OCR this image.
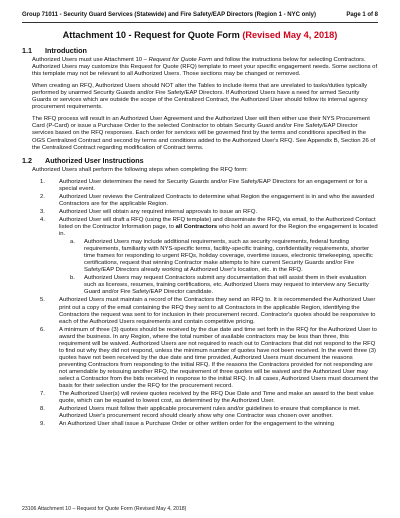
Group 71011 - Security Guard Services (Statewide) and Fire Safety/EAP Directors (Region 1 - NYC only)	Page 1 of 8
Attachment 10 - Request for Quote Form (Revised May 4, 2018)
1.1	Introduction

Authorized Users must use Attachment 10 – Request for Quote Form and follow the instructions below for selecting Contractors. Authorized Users may customize this Request for Quote (RFQ) template to meet your specific engagement needs. Some sections of this template may not be relevant to all Authorized Users. Those sections may be changed or removed.

When creating an RFQ, Authorized Users should NOT alter the Tables to include items that are unrelated to tasks/duties typically performed by unarmed Security Guards and/or Fire Safety/EAP Directors. If Authorized Users have a need for armed Security Guards or services which are outside the scope of the Centralized Contract, the Authorized User should follow its internal agency procurement requirements.

The RFQ process will result in an Authorized User Agreement and the Authorized User will then either use their NYS Procurement Card (P-Card) or issue a Purchase Order to the selected Contractor to obtain Security Guard and/or Fire Safety/EAP Director services based on the RFQ responses. Each order for services will be governed first by the terms and conditions specified in the OGS Centralized Contract and second by terms and conditions added to the Authorized User's RFQ. See Appendix B, Section 26 of the Centralized Contract regarding modification of Contract terms.

1.2	Authorized User Instructions

Authorized Users shall perform the following steps when completing the RFQ form:

1.	Authorized User determines the need for Security Guards and/or Fire Safety/EAP Directors for an engagement or for a special event.
2.	Authorized User reviews the Centralized Contracts to determine what Region the engagement is in and who the awarded Contractors are for the applicable Region.
3.	Authorized User will obtain any required internal approvals to issue an RFQ.
4.	Authorized User will draft a RFQ (using the RFQ template) and disseminate the RFQ, via email, to the Authorized Contact listed on the Contractor Information page, to all Contractors who hold an award for the Region the engagement is located in.
a.	Authorized Users may include additional requirements, such as security requirements, federal funding requirements, familiarity with NYS-specific terms, facility-specific training, confidentiality requirements, shorter time frames for responding to urgent RFQs, holiday coverage, overtime issues, electronic timekeeping, specific certifications, request that winning Contractor make attempts to hire current Security Guards and/or Fire Safety/EAP Directors already working at Authorized User's location, etc. in the RFQ.
b.	Authorized Users may request Contractors submit any documentation that will assist them in their evaluation such as licenses, resumes, training certifications, etc. Authorized Users may request to interview any Security Guard and/or Fire Safety/EAP Director candidate.
5.	Authorized Users must maintain a record of the Contractors they send an RFQ to. It is recommended the Authorized User print out a copy of the email containing the RFQ they sent to all Contractors in the applicable Region, identifying the Contractors the request was sent to for inclusion in their procurement record. Contractor's quotes should be responsive to each of the Authorized Users requirements and contain competitive pricing.
6.	A minimum of three (3) quotes should be received by the due date and time set forth in the RFQ for the Authorized User to award the business. In any Region, where the total number of available contractors may be less than three, this requirement will be waived. Authorized Users are not required to reach out to Contractors that did not respond to the RFQ to find out why they did not respond, unless the minimum number of quotes have not been received. In the event three (3) quotes have not been received by the due date and time provided, Authorized Users must document the reasons preventing Contractors from responding to the initial RFQ. If the reasons the Contractors provided for not responding are not amendable by reissuing another RFQ, the requirement of three quotes will be waived and the Authorized User may select a Contractor from the bids received in response to the initial RFQ. In all cases, Authorized Users must document the basis for their selection under the RFQ for the procurement record.
7.	The Authorized User(s) will review quotes received by the RFQ Due Date and Time and make an award to the best value quote, which can be equated to lowest cost, as determined by the Authorized User.
8.	Authorized Users must follow their applicable procurement rules and/or guidelines to ensure that compliance is met. Authorized User's procurement record should clearly show why one Contractor was chosen over another.
9.	An Authorized User shall issue a Purchase Order or other written order for the engagement to the winning
23106 Attachment 10 – Request for Quote Form (Revised May 4, 2018)
